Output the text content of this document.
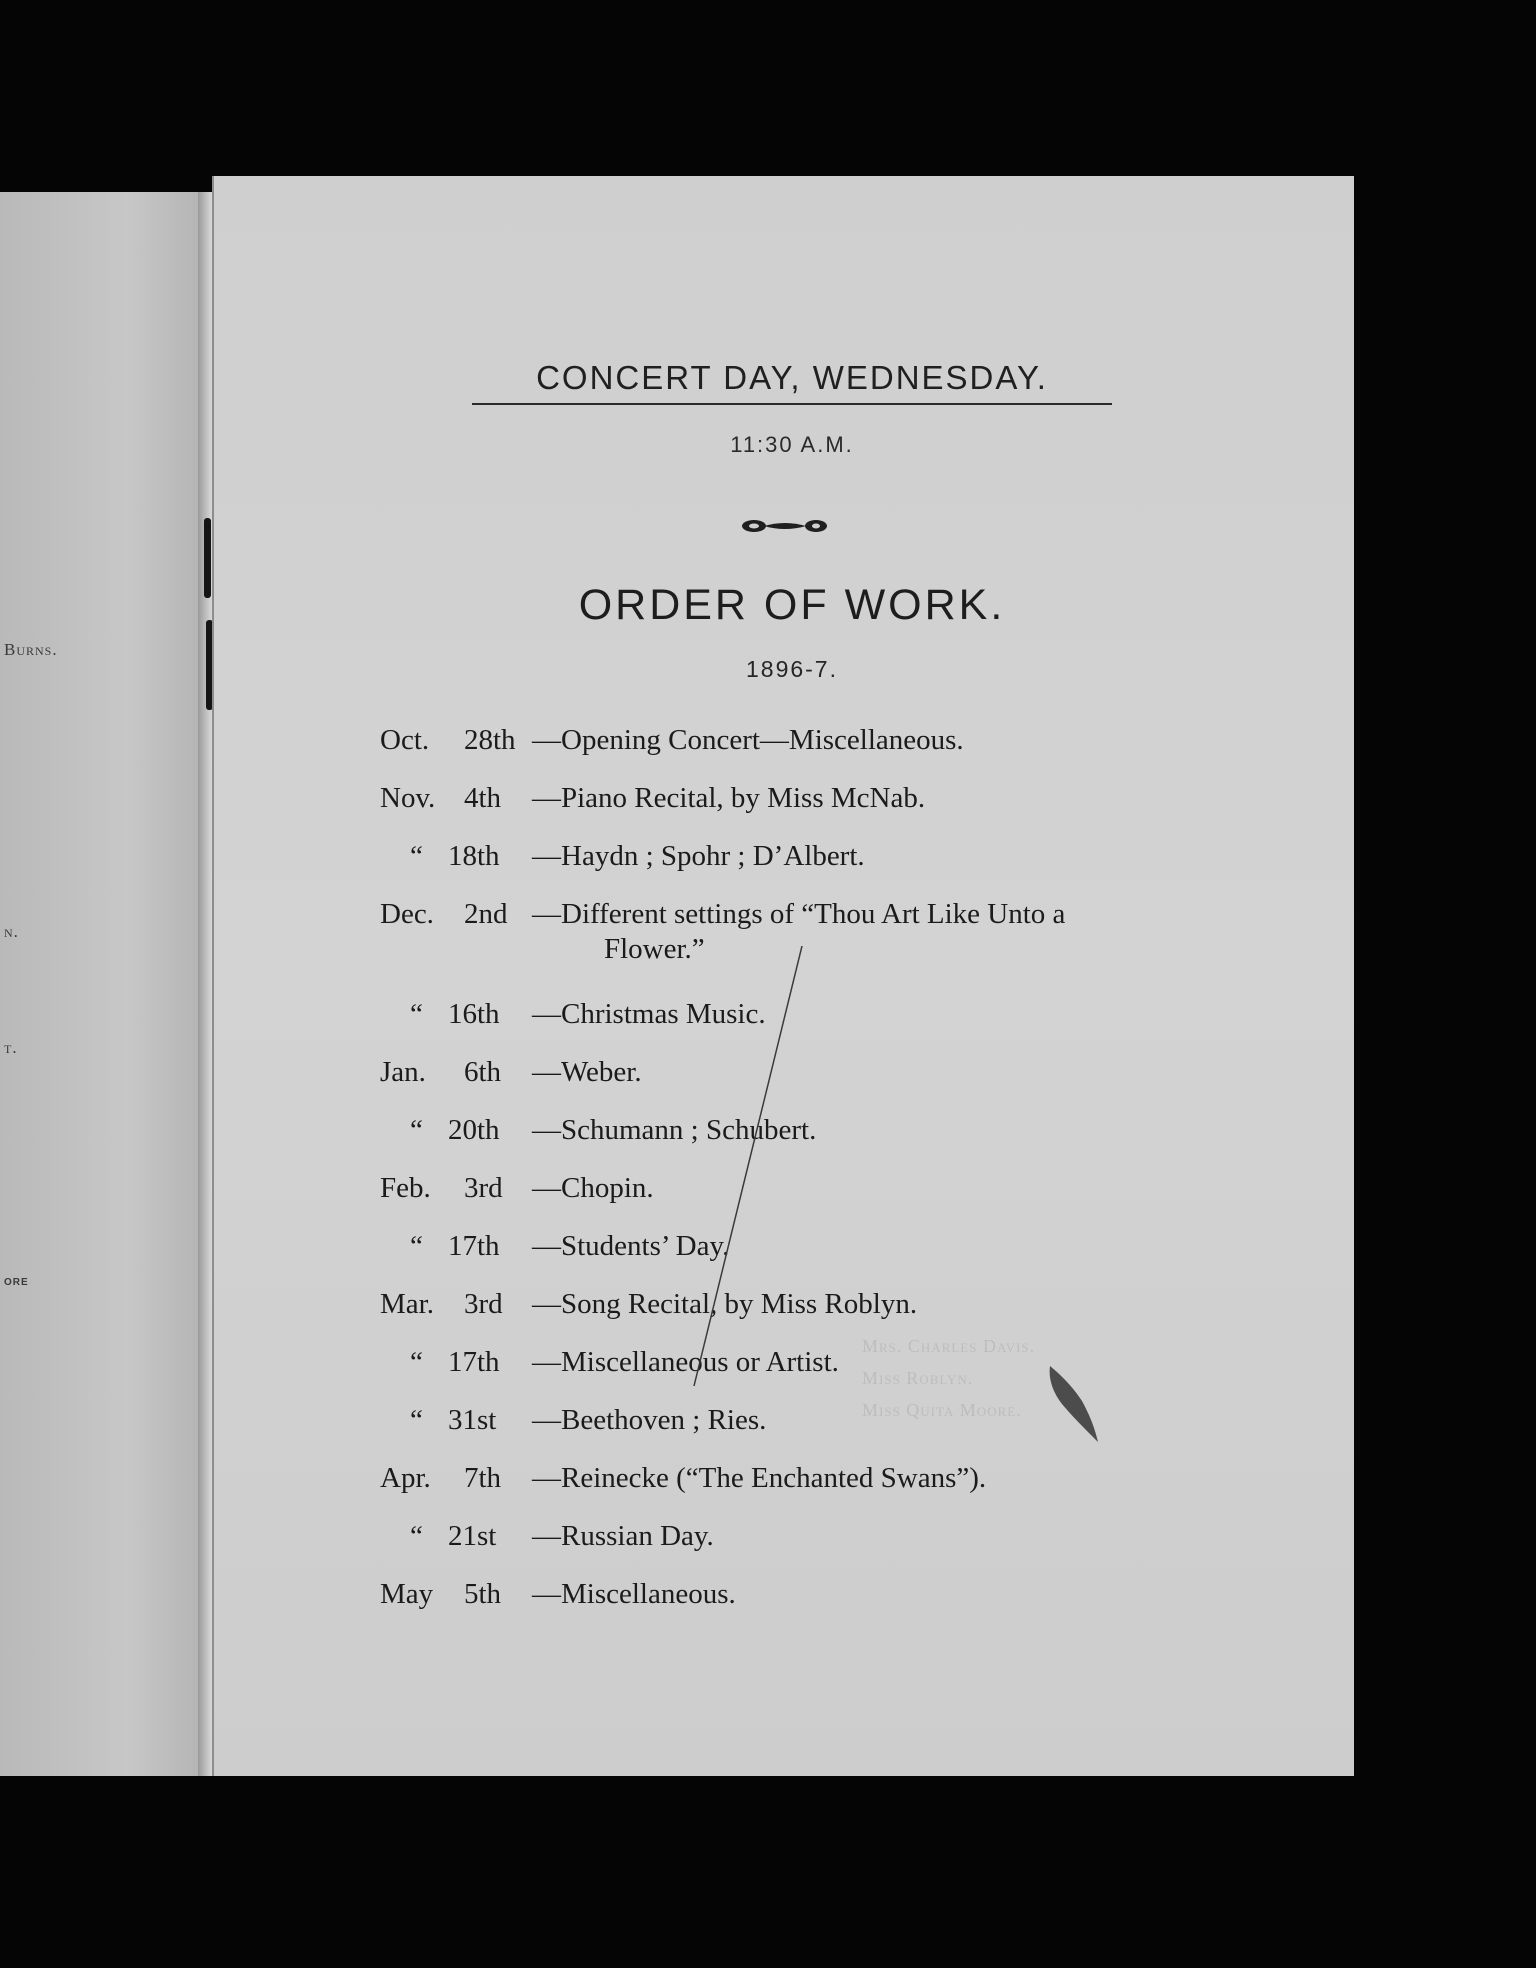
Burns.
n.
t.
ore
CONCERT DAY, WEDNESDAY.
11:30 A.M.
ORDER OF WORK.
1896-7.
Mrs. Charles Davis.
Miss Roblyn.
Miss Quita Moore.
Oct.	28th —Opening Concert—Miscellaneous.
Nov. 4th —Piano Recital, by Miss McNab.
“ 18th —Haydn ; Spohr ; D’Albert.
Dec.	2nd —Different settings of “Thou Art Like Unto a
Flower.”
“ 16th —Christmas Music.
Jan.	6th —Weber.
“ 20th —Schumann ; Schubert.
Feb.	3rd —Chopin.
“ 17th —Students’ Day.
Mar.	3rd —Song Recital, by Miss Roblyn.
“ 17th —Miscellaneous or Artist.
“ 31st —Beethoven ; Ries.
Apr.	7th —Reinecke (“The Enchanted Swans”).
“ 21st —Russian Day.
May	5th —Miscellaneous.
